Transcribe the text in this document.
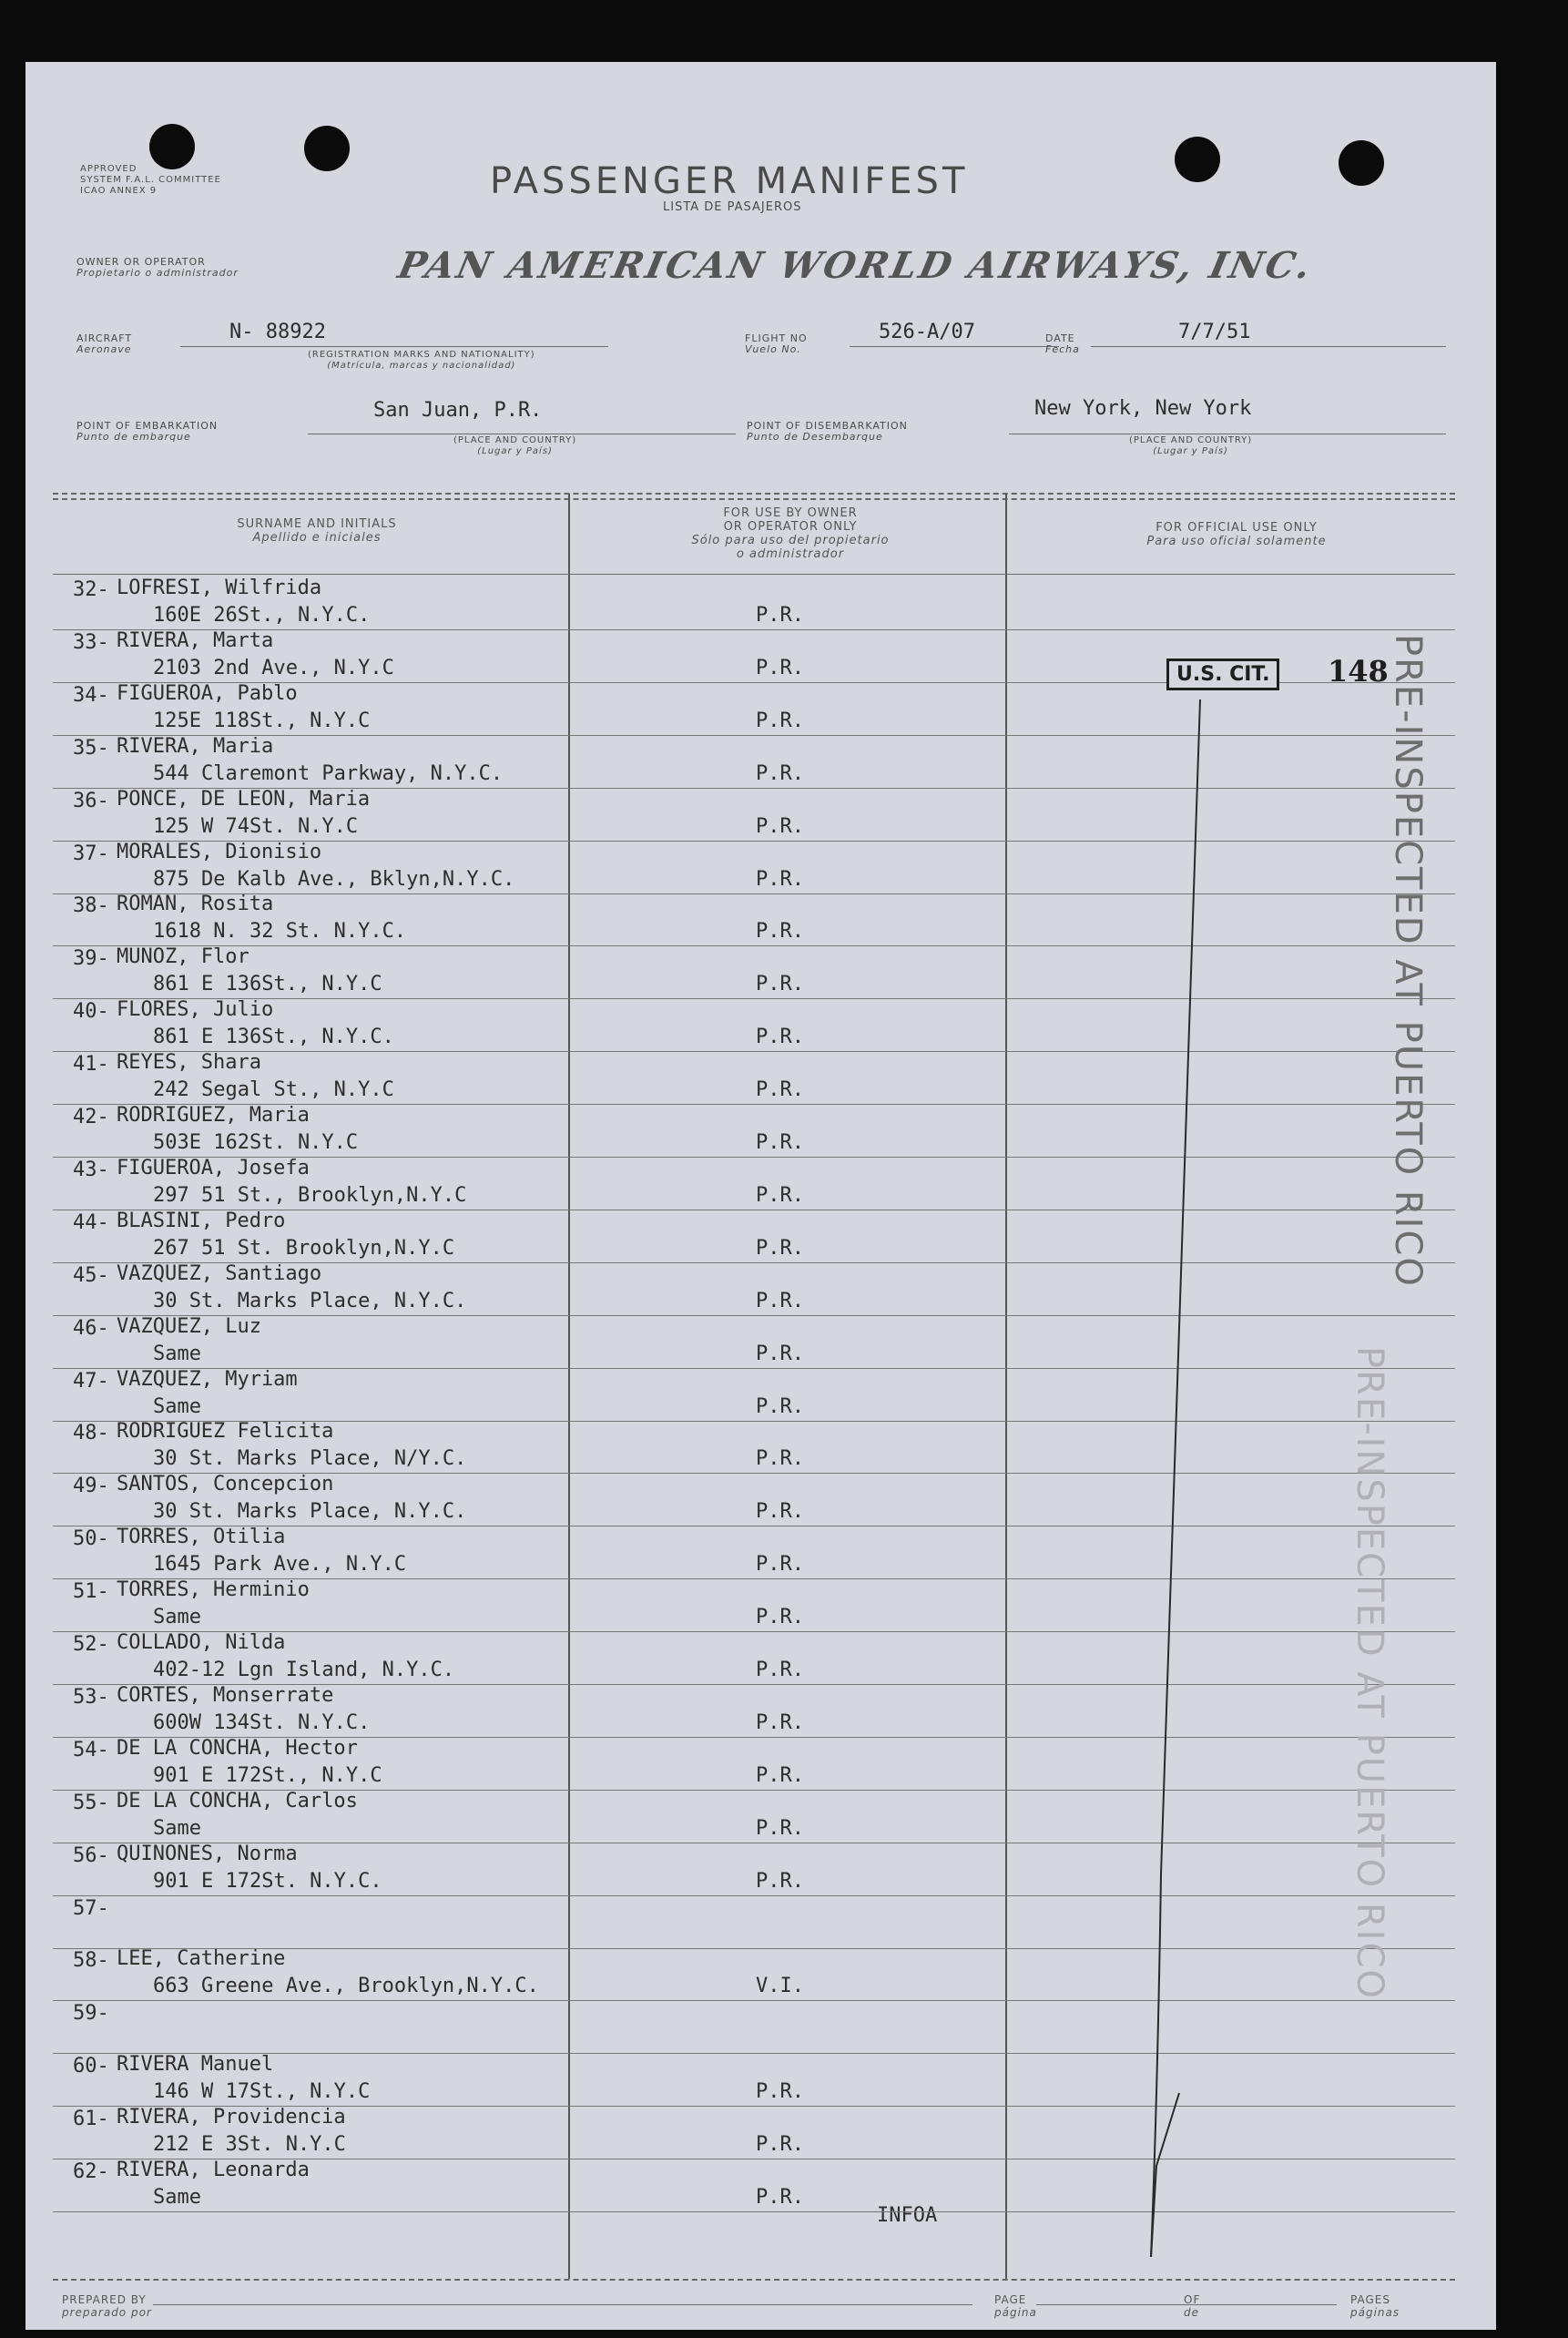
APPROVED
SYSTEM F.A.L. COMMITTEE
ICAO ANNEX 9	PASSENGER MANIFEST
LISTA DE PASAJEROS
OWNER OR OPERATOR
Propietario o administrador	PAN AMERICAN WORLD AIRWAYS, INC.
AIRCRAFT
Aeronave
N- 88922
(REGISTRATION MARKS AND NATIONALITY)
(Matrícula, marcas y nacionalidad)
FLIGHT NO
Vuelo No.
526-A/07	DATE
Fecha
7/7/51
POINT OF EMBARKATION
Punto de embarque
San Juan, P.R.
(PLACE AND COUNTRY)
(Lugar y País)
POINT OF DISEMBARKATION
Punto de Desembarque
New York, New York
(PLACE AND COUNTRY)
(Lugar y País)
SURNAME AND INITIALS
Apellido e iniciales
FOR USE BY OWNER
OR OPERATOR ONLY
Sólo para uso del propietario
o administrador
FOR OFFICIAL USE ONLY
Para uso oficial solamente
32- LOFRESI, Wilfrida
160E 26St., N.Y.C.	P.R.
33- RIVERA, Marta
2103 2nd Ave., N.Y.C	P.R.
34- FIGUEROA, Pablo
125E 118St., N.Y.C	P.R.
35- RIVERA, Maria
544 Claremont Parkway, N.Y.C.	P.R.
36- PONCE, DE LEON, Maria
125 W 74St. N.Y.C	P.R.
37- MORALES, Dionisio
875 De Kalb Ave., Bklyn,N.Y.C.	P.R.
38- ROMAN, Rosita
1618 N. 32 St. N.Y.C.	P.R.
39- MUNOZ, Flor
861 E 136St., N.Y.C	P.R.
40- FLORES, Julio
861 E 136St., N.Y.C.	P.R.
41- REYES, Shara
242 Segal St., N.Y.C	P.R.
42- RODRIGUEZ, Maria
503E 162St. N.Y.C	P.R.
43- FIGUEROA, Josefa
297 51 St., Brooklyn,N.Y.C	P.R.
44- BLASINI, Pedro
267 51 St. Brooklyn,N.Y.C	P.R.
45- VAZQUEZ, Santiago
30 St. Marks Place, N.Y.C.	P.R.
46- VAZQUEZ, Luz
Same	P.R.
47- VAZQUEZ, Myriam
Same	P.R.
48- RODRIGUEZ Felicita
30 St. Marks Place, N/Y.C.	P.R.
49- SANTOS, Concepcion
30 St. Marks Place, N.Y.C.	P.R.
50- TORRES, Otilia
1645 Park Ave., N.Y.C	P.R.
51- TORRES, Herminio
Same	P.R.
52- COLLADO, Nilda
402-12 Lgn Island, N.Y.C.	P.R.
53- CORTES, Monserrate
600W 134St. N.Y.C.	P.R.
54- DE LA CONCHA, Hector
901 E 172St., N.Y.C	P.R.
55- DE LA CONCHA, Carlos
Same	P.R.
56- QUINONES, Norma
901 E 172St. N.Y.C.	P.R.
57-
58- LEE, Catherine
663 Greene Ave., Brooklyn,N.Y.C.	V.I.
59-
60- RIVERA Manuel
146 W 17St., N.Y.C	P.R.
61- RIVERA, Providencia
212 E 3St. N.Y.C	P.R.
62- RIVERA, Leonarda
Same	P.R.
INFOA
U.S. CIT.	148
PRE-INSPECTED AT PUERTO RICO
PRE-INSPECTED AT PUERTO RICO
PREPARED BY
preparado por
PAGE
página
OF
de
PAGES
páginas
